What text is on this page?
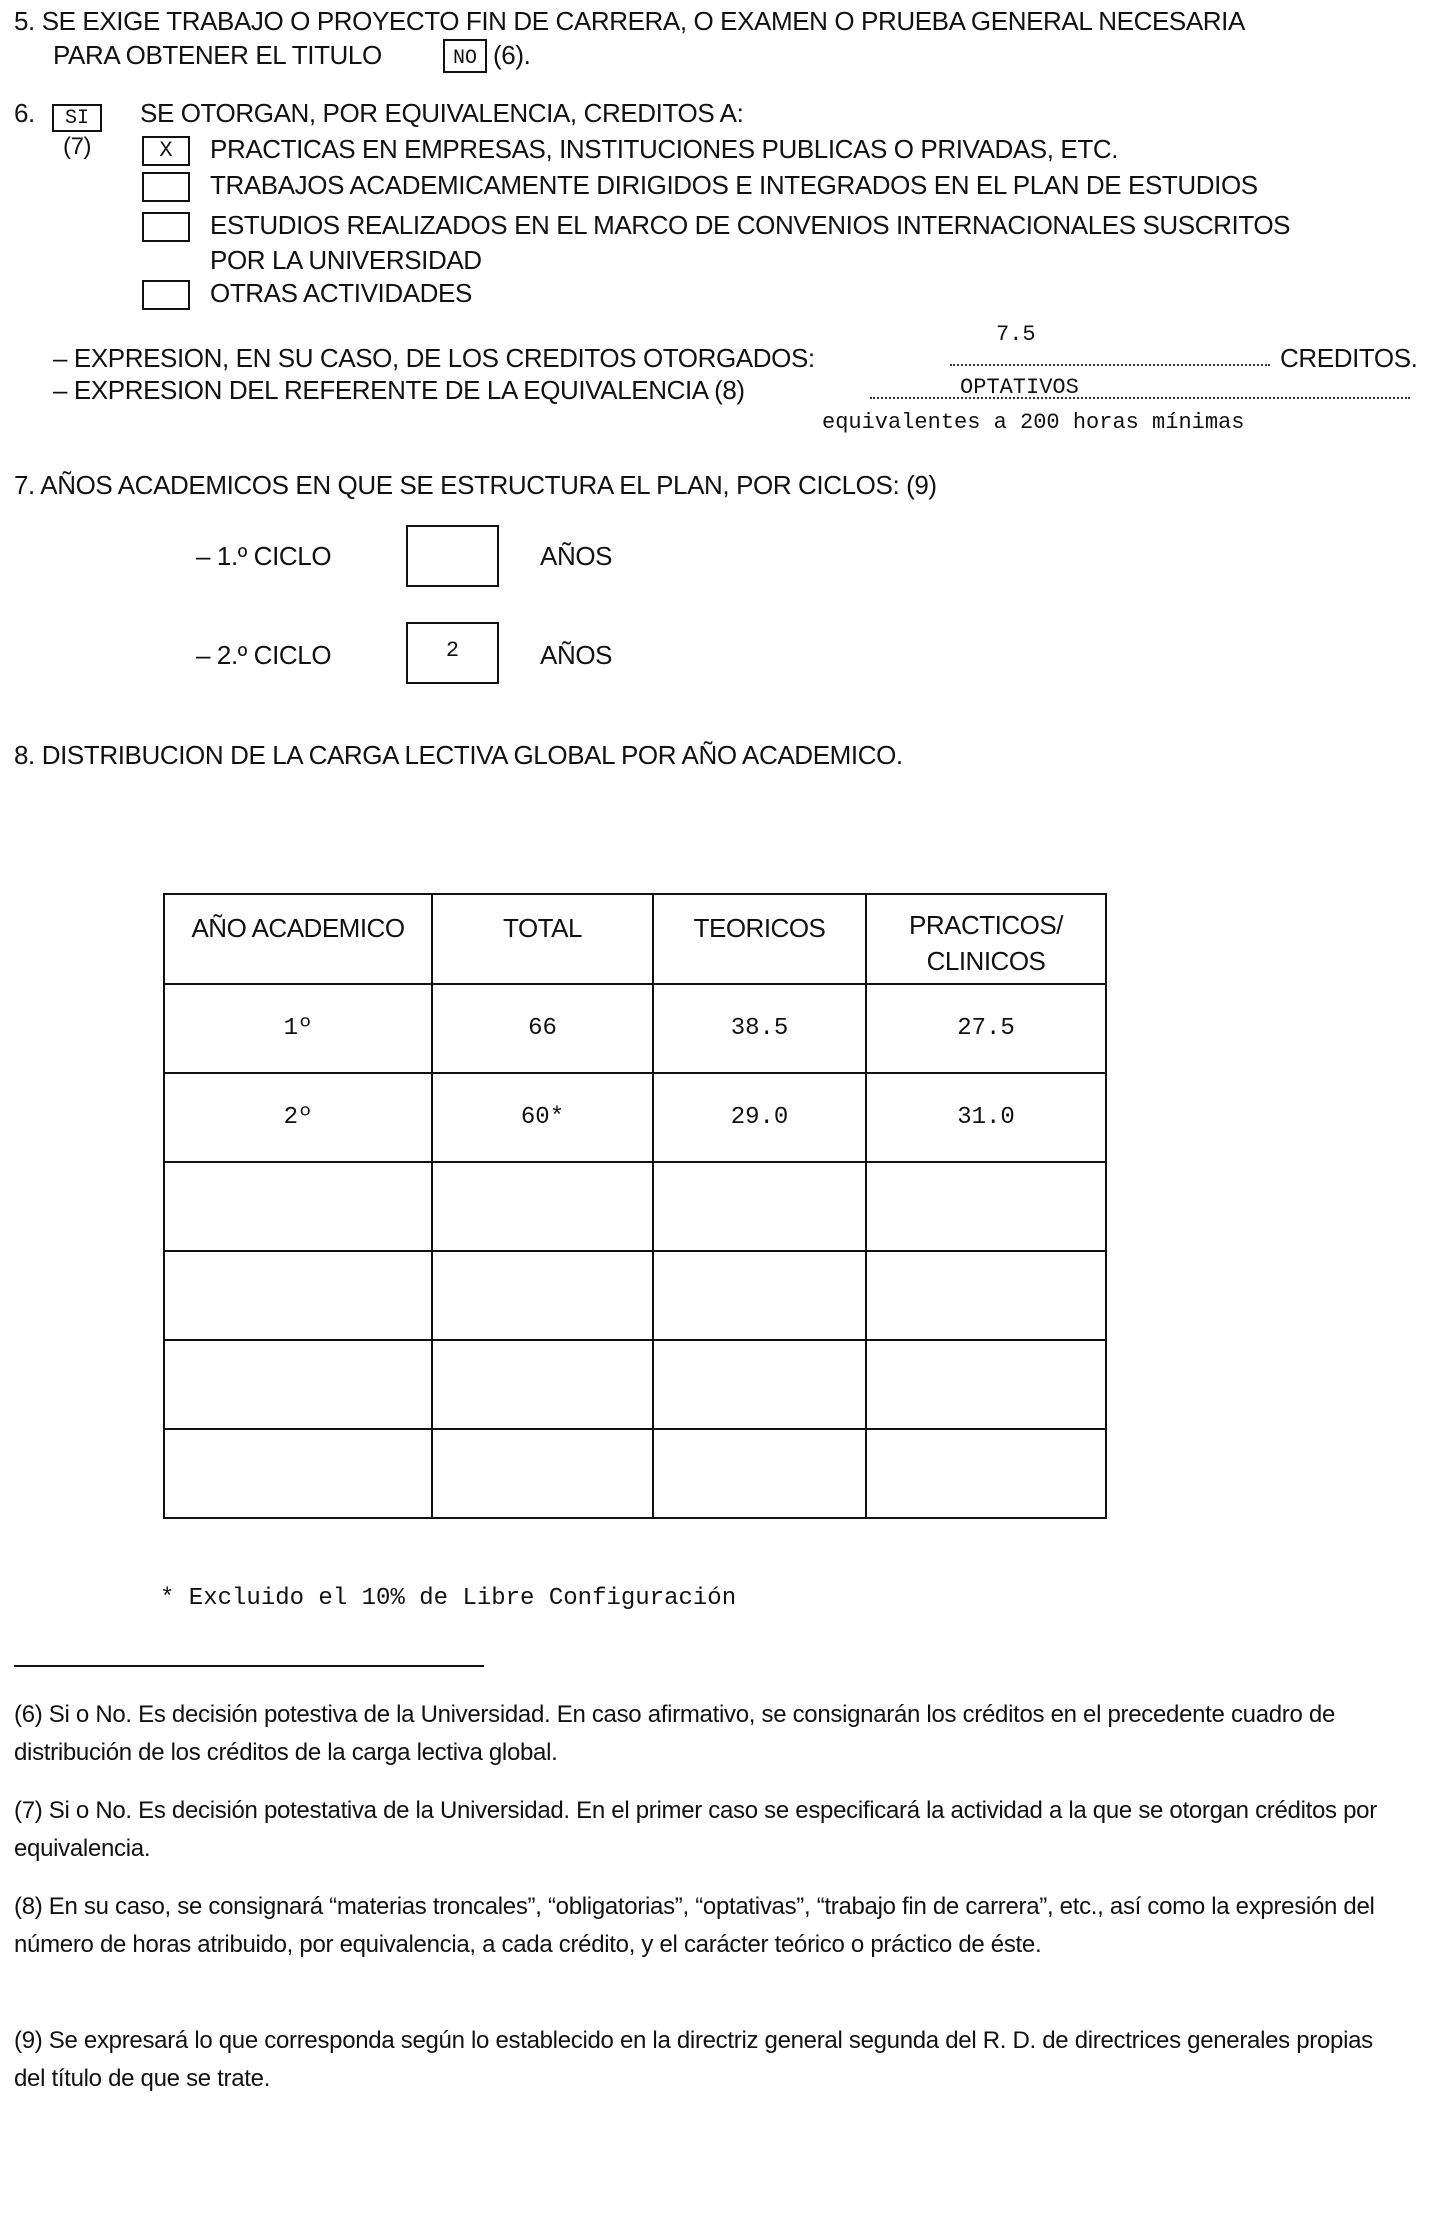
5. SE EXIGE TRABAJO O PROYECTO FIN DE CARRERA, O EXAMEN O PRUEBA GENERAL NECESARIA
PARA OBTENER EL TITULO	NO (6).
6.	SI
(7)
SE OTORGAN, POR EQUIVALENCIA, CREDITOS A:
X	PRACTICAS EN EMPRESAS, INSTITUCIONES PUBLICAS O PRIVADAS, ETC.
TRABAJOS ACADEMICAMENTE DIRIGIDOS E INTEGRADOS EN EL PLAN DE ESTUDIOS
ESTUDIOS REALIZADOS EN EL MARCO DE CONVENIOS INTERNACIONALES SUSCRITOS
POR LA UNIVERSIDAD
OTRAS ACTIVIDADES
– EXPRESION, EN SU CASO, DE LOS CREDITOS OTORGADOS:
7.5
CREDITOS.
– EXPRESION DEL REFERENTE DE LA EQUIVALENCIA (8)	OPTATIVOS
equivalentes a 200 horas mínimas
7. AÑOS ACADEMICOS EN QUE SE ESTRUCTURA EL PLAN, POR CICLOS: (9)
– 1.º CICLO	AÑOS
– 2.º CICLO	2	AÑOS
8. DISTRIBUCION DE LA CARGA LECTIVA GLOBAL POR AÑO ACADEMICO.
AÑO ACADEMICO	TOTAL	TEORICOS	PRACTICOS/ CLINICOS
1º	66	38.5	27.5
2º	60*	29.0	31.0

* Excluido el 10% de Libre Configuración
(6) Si o No. Es decisión potestiva de la Universidad. En caso afirmativo, se consignarán los créditos en el precedente cuadro de distribución de los créditos de la carga lectiva global.
(7) Si o No. Es decisión potestativa de la Universidad. En el primer caso se especificará la actividad a la que se otorgan créditos por equivalencia.
(8) En su caso, se consignará “materias troncales”, “obligatorias”, “optativas”, “trabajo fin de carrera”, etc., así como la expresión del número de horas atribuido, por equivalencia, a cada crédito, y el carácter teórico o práctico de éste.
(9) Se expresará lo que corresponda según lo establecido en la directriz general segunda del R. D. de directrices generales propias del título de que se trate.
